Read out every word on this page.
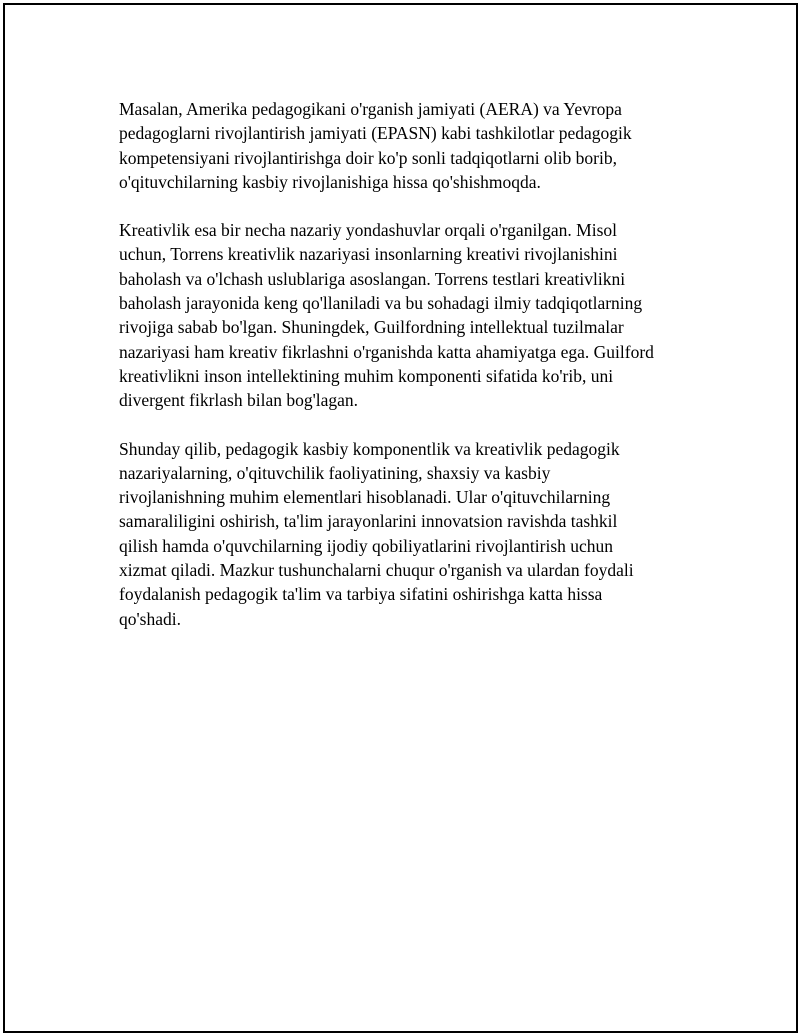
Masalan, Amerika pedagogikani o'rganish jamiyati (AERA) va Yevropa
pedagoglarni rivojlantirish jamiyati (EPASN) kabi tashkilotlar pedagogik
kompetensiyani rivojlantirishga doir ko'p sonli tadqiqotlarni olib borib,
o'qituvchilarning kasbiy rivojlanishiga hissa qo'shishmoqda.

Kreativlik esa bir necha nazariy yondashuvlar orqali o'rganilgan. Misol
uchun, Torrens kreativlik nazariyasi insonlarning kreativi rivojlanishini
baholash va o'lchash uslublariga asoslangan. Torrens testlari kreativlikni
baholash jarayonida keng qo'llaniladi va bu sohadagi ilmiy tadqiqotlarning
rivojiga sabab bo'lgan. Shuningdek, Guilfordning intellektual tuzilmalar
nazariyasi ham kreativ fikrlashni o'rganishda katta ahamiyatga ega. Guilford
kreativlikni inson intellektining muhim komponenti sifatida ko'rib, uni
divergent fikrlash bilan bog'lagan.

Shunday qilib, pedagogik kasbiy komponentlik va kreativlik pedagogik
nazariyalarning, o'qituvchilik faoliyatining, shaxsiy va kasbiy
rivojlanishning muhim elementlari hisoblanadi. Ular o'qituvchilarning
samaraliligini oshirish, ta'lim jarayonlarini innovatsion ravishda tashkil
qilish hamda o'quvchilarning ijodiy qobiliyatlarini rivojlantirish uchun
xizmat qiladi. Mazkur tushunchalarni chuqur o'rganish va ulardan foydali
foydalanish pedagogik ta'lim va tarbiya sifatini oshirishga katta hissa
qo'shadi.
